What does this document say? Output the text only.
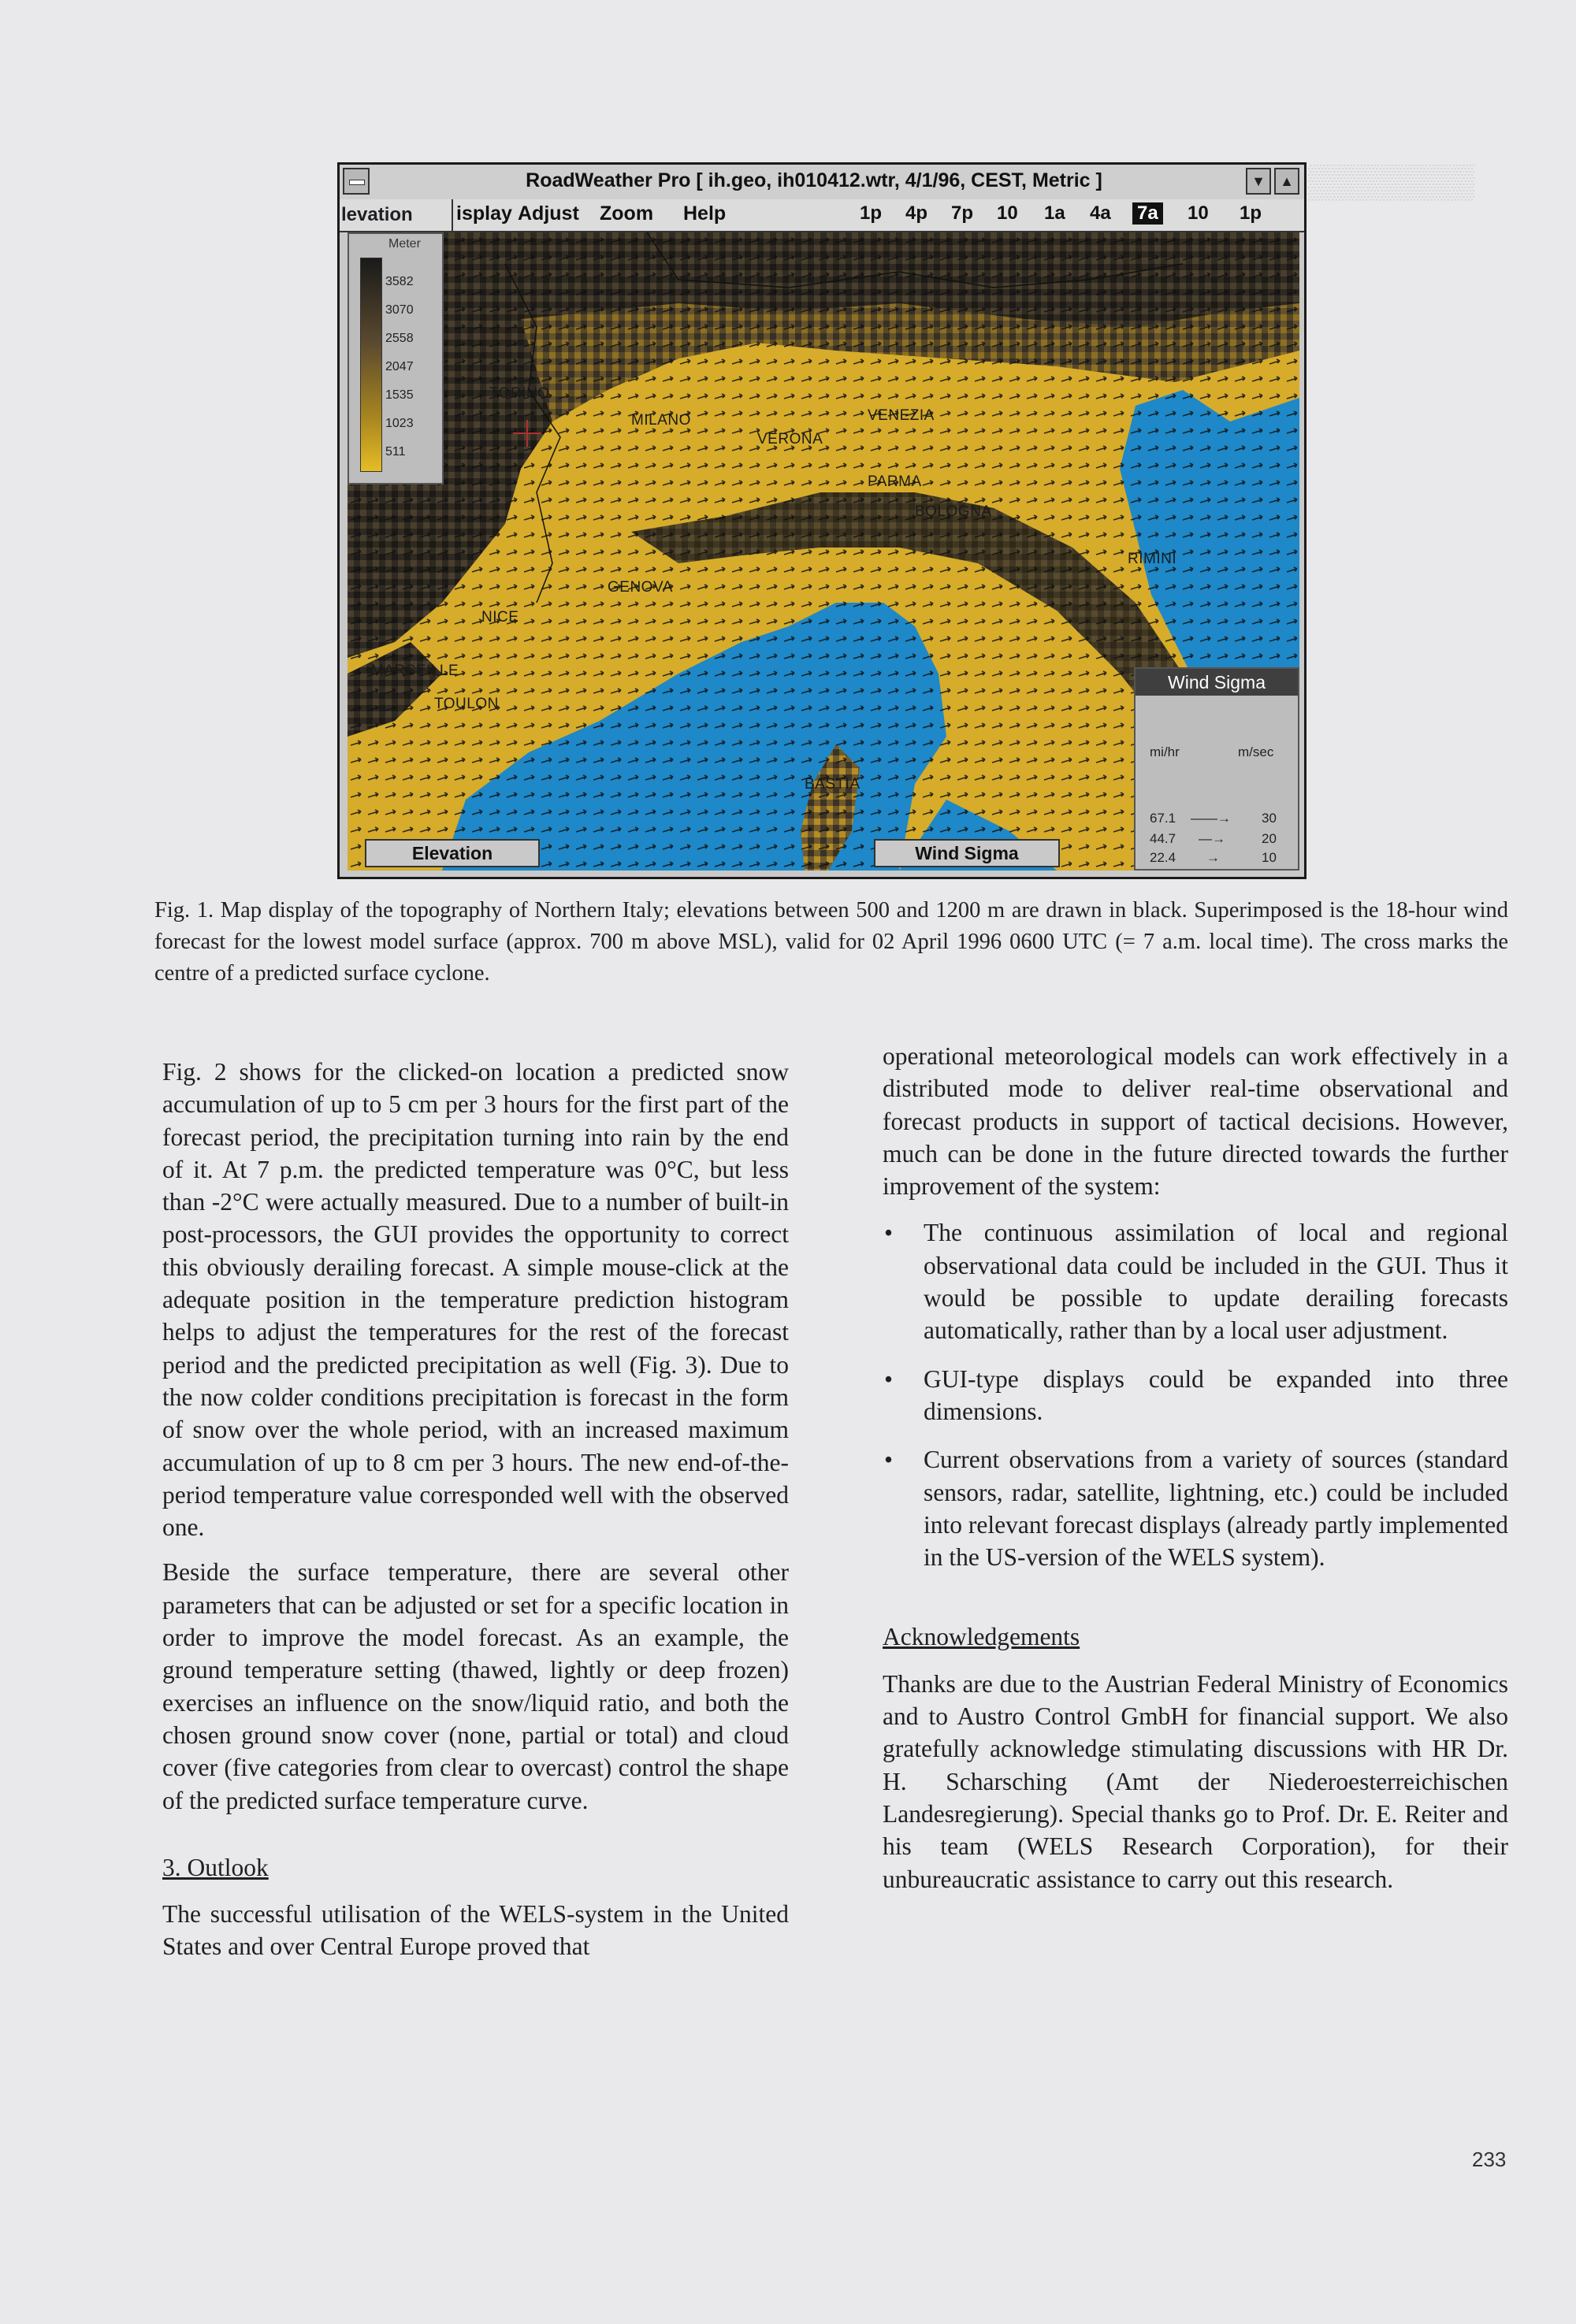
▒▒▒▒▒▒▒
RoadWeather Pro [ ih.geo, ih010412.wtr, 4/1/96, CEST, Metric ]	▼	▲
isplay Adjust Zoom Help	1p 4p 7p 10 1a 4a 7a 10 1p
MILANO
VERONA
VENEZIA
TORINO
PARMA
BOLOGNA
NICE
MARSEILLE
TOULON
BASTIA
RIMINI
GENOVA
Meter
3582
3070
2558
2047
1535
1023
511
Wind Sigma
mi/hr	m/sec
67.1 ——→ 30
44.7 —→	20
22.4 →	10
Elevation	Wind Sigma
levation
Fig. 1. Map display of the topography of Northern Italy; elevations between 500 and 1200 m are drawn in black. Superimposed is the 18-hour wind forecast for the lowest model surface (approx. 700 m above MSL), valid for 02 April 1996 0600 UTC (= 7 a.m. local time). The cross marks the centre of a predicted surface cyclone.

Fig. 2 shows for the clicked-on location a predicted snow accumulation of up to 5 cm per 3 hours for the first part of the forecast period, the precipitation turning into rain by the end of it. At 7 p.m. the predicted temperature was 0°C, but less than -2°C were actually measured. Due to a number of built-in post-processors, the GUI provides the opportunity to correct this obviously derailing forecast. A simple mouse-click at the adequate position in the temperature prediction histogram helps to adjust the temperatures for the rest of the forecast period and the predicted precipitation as well (Fig. 3). Due to the now colder conditions precipitation is forecast in the form of snow over the whole period, with an increased maximum accumulation of up to 8 cm per 3 hours. The new end-of-the-period temperature value corresponded well with the observed one.

Beside the surface temperature, there are several other parameters that can be adjusted or set for a specific location in order to improve the model forecast. As an example, the ground temperature setting (thawed, lightly or deep frozen) exercises an influence on the snow/liquid ratio, and both the chosen ground snow cover (none, partial or total) and cloud cover (five categories from clear to overcast) control the shape of the predicted surface temperature curve.

3. Outlook

The successful utilisation of the WELS-system in the United States and over Central Europe proved that

operational meteorological models can work effectively in a distributed mode to deliver real-time observational and forecast products in support of tactical decisions. However, much can be done in the future directed towards the further improvement of the system:

• The continuous assimilation of local and regional observational data could be included in the GUI. Thus it would be possible to update derailing forecasts automatically, rather than by a local user adjustment.
• GUI-type displays could be expanded into three dimensions.
• Current observations from a variety of sources (standard sensors, radar, satellite, lightning, etc.) could be included into relevant forecast displays (already partly implemented in the US-version of the WELS system).

Acknowledgements

Thanks are due to the Austrian Federal Ministry of Economics and to Austro Control GmbH for financial support. We also gratefully acknowledge stimulating discussions with HR Dr. H. Scharsching (Amt der Niederoesterreichischen Landesregierung). Special thanks go to Prof. Dr. E. Reiter and his team (WELS Research Corporation), for their unbureaucratic assistance to carry out this research.

233
